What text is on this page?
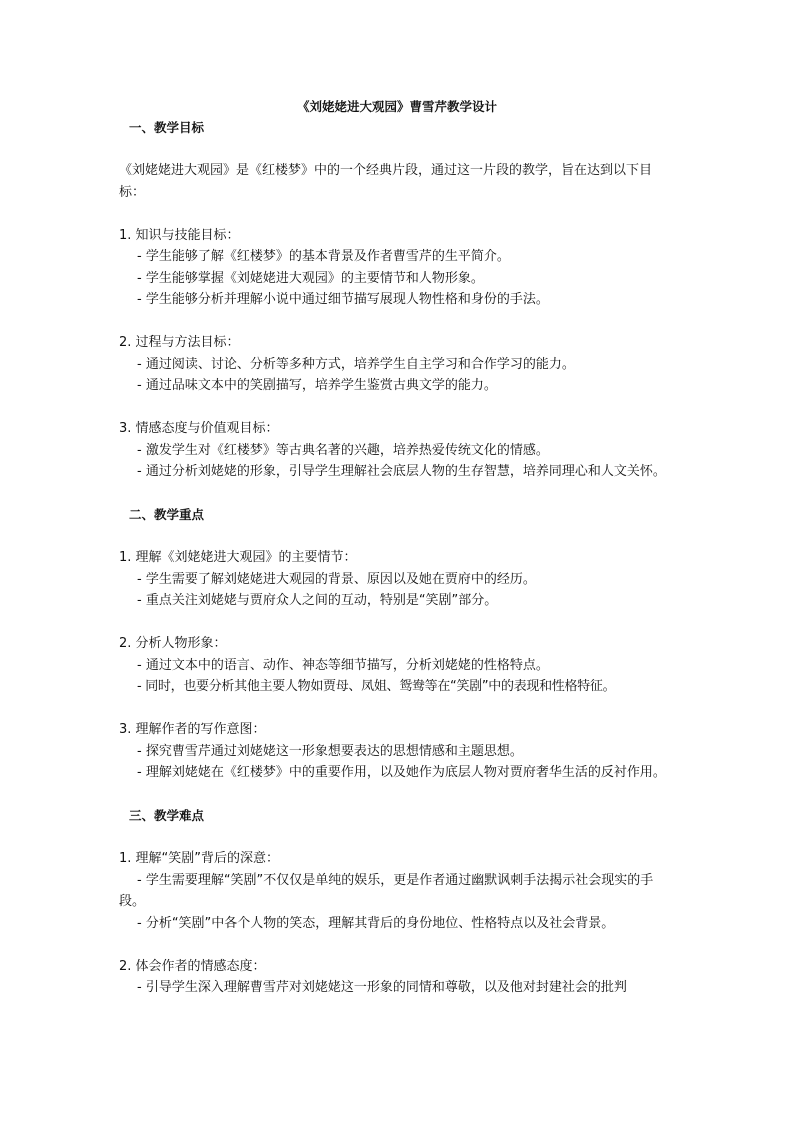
《刘姥姥进大观园》曹雪芹教学设计

一、教学目标

《刘姥姥进大观园》是《红楼梦》中的一个经典片段，通过这一片段的教学，旨在达到以下目标：

1. 知识与技能目标：

- 学生能够了解《红楼梦》的基本背景及作者曹雪芹的生平简介。

- 学生能够掌握《刘姥姥进大观园》的主要情节和人物形象。

- 学生能够分析并理解小说中通过细节描写展现人物性格和身份的手法。

2. 过程与方法目标：

- 通过阅读、讨论、分析等多种方式，培养学生自主学习和合作学习的能力。

- 通过品味文本中的笑剧描写，培养学生鉴赏古典文学的能力。

3. 情感态度与价值观目标：

- 激发学生对《红楼梦》等古典名著的兴趣，培养热爱传统文化的情感。

- 通过分析刘姥姥的形象，引导学生理解社会底层人物的生存智慧，培养同理心和人文关怀。

二、教学重点

1. 理解《刘姥姥进大观园》的主要情节：

- 学生需要了解刘姥姥进大观园的背景、原因以及她在贾府中的经历。

- 重点关注刘姥姥与贾府众人之间的互动，特别是“笑剧”部分。

2. 分析人物形象：

- 通过文本中的语言、动作、神态等细节描写，分析刘姥姥的性格特点。

- 同时，也要分析其他主要人物如贾母、凤姐、鸳鸯等在“笑剧”中的表现和性格特征。

3. 理解作者的写作意图：

- 探究曹雪芹通过刘姥姥这一形象想要表达的思想情感和主题思想。

- 理解刘姥姥在《红楼梦》中的重要作用，以及她作为底层人物对贾府奢华生活的反衬作用。

三、教学难点

1. 理解“笑剧”背后的深意：

- 学生需要理解“笑剧”不仅仅是单纯的娱乐，更是作者通过幽默讽刺手法揭示社会现实的手段。

- 分析“笑剧”中各个人物的笑态，理解其背后的身份地位、性格特点以及社会背景。

2. 体会作者的情感态度：

- 引导学生深入理解曹雪芹对刘姥姥这一形象的同情和尊敬，以及他对封建社会的批判
